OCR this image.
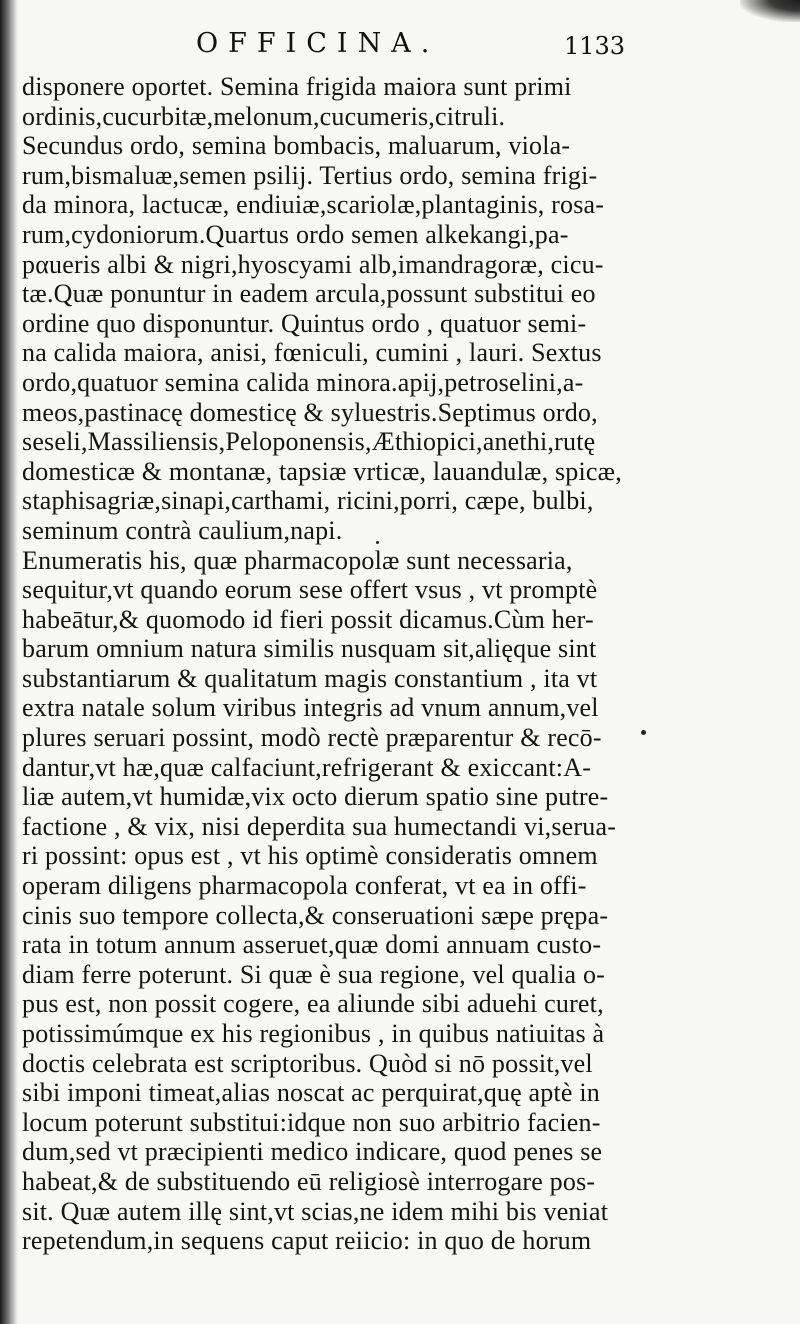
OFFICINA.	1133
disponere oportet. Semina frigida maiora sunt primi
ordinis,cucurbitæ,melonum,cucumeris,citruli.
Secundus ordo, semina bombacis, maluarum, viola-
rum,bismaluæ,semen psilij. Tertius ordo, semina frigi-
da minora, lactucæ, endiuiæ,scariolæ,plantaginis, rosa-
rum,cydoniorum.Quartus ordo semen alkekangi,pa-
pαueris albi & nigri,hyoscyami alb,imandragoræ, cicu-
tæ.Quæ ponuntur in eadem arcula,possunt substitui eo
ordine quo disponuntur. Quintus ordo , quatuor semi-
na calida maiora, anisi, fœniculi, cumini , lauri. Sextus
ordo,quatuor semina calida minora.apij,petroselini,a-
meos,pastinacę domesticę & syluestris.Septimus ordo,
seseli,Massiliensis,Peloponensis,Æthiopici,anethi,rutę
domesticæ & montanæ, tapsiæ vrticæ, lauandulæ, spicæ,
staphisagriæ,sinapi,carthami, ricini,porri, cæpe, bulbi,
seminum contrà caulium,napi.
Enumeratis his, quæ pharmacopolæ sunt necessaria,
sequitur,vt quando eorum sese offert vsus , vt promptè
habeātur,& quomodo id fieri possit dicamus.Cùm her-
barum omnium natura similis nusquam sit,alięque sint
substantiarum & qualitatum magis constantium , ita vt
extra natale solum viribus integris ad vnum annum,vel
plures seruari possint, modò rectè præparentur & recō-
dantur,vt hæ,quæ calfaciunt,refrigerant & exiccant:A-
liæ autem,vt humidæ,vix octo dierum spatio sine putre-
factione , & vix, nisi deperdita sua humectandi vi,serua-
ri possint: opus est , vt his optimè consideratis omnem
operam diligens pharmacopola conferat, vt ea in offi-
cinis suo tempore collecta,& conseruationi sæpe prępa-
rata in totum annum asseruet,quæ domi annuam custo-
diam ferre poterunt. Si quæ è sua regione, vel qualia o-
pus est, non possit cogere, ea aliunde sibi aduehi curet,
potissimúmque ex his regionibus , in quibus natiuitas à
doctis celebrata est scriptoribus. Quòd si nō possit,vel
sibi imponi timeat,alias noscat ac perquirat,quę aptè in
locum poterunt substitui:idque non suo arbitrio facien-
dum,sed vt præcipienti medico indicare, quod penes se
habeat,& de substituendo eū religiosè interrogare pos-
sit. Quæ autem illę sint,vt scias,ne idem mihi bis veniat
repetendum,in sequens caput reiicio: in quo de horum
